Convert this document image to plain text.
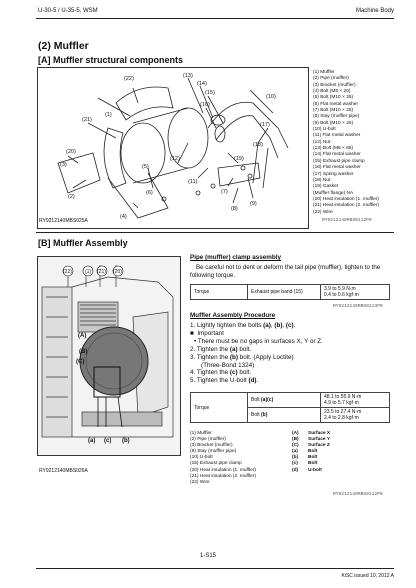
U-30-5 / U-35-5, WSM	Machine Body
(2) Muffler
[A] Muffler structural components
(22)
(1)
(21)
(20)
(3)
(2)
(13)
(14)
(15)
(16)
(12)
(11)
(5)
(6)	(7)
(8)
(9)
(10)
(17)
(18)
(19)
(4)
RY9212140MBS025A
(1) Muffler
(2) Pipe (muffler)
(3) Bracket (muffler)
(4) Bolt (M8 × 20)
(5) Bolt (M10 × 25)
(6) Flat metal washer
(7) Bolt (M10 × 25)
(8) Stay (muffler pipe)
(9) Bolt (M10 × 25)
(10) U-bolt
(11) Flat metal washer
(12) Nut
(13) Bolt (M8 × 65)
(14) Flat metal washer
(15) Exhaust pipe clamp
(16) Flat metal washer
(17) Spring washer
(18) Nut
(19) Gasket
(Muffler flange) NA
(20) Heat insulation (1. muffler)
(21) Heat insulation (2. muffler)
(22) Wire
RY9212140MBS0112P0
[B] Muffler Assembly
(22)	(1) (21)
(A)
(B)
(C)
(20)
(a) (c) (b)
RY9212140MBS026A
Pipe (muffler) clamp assembly
Be careful not to dent or deform the tail pipe (muffler), tighten to the following torque.
Torque	Exhaust pipe band (15)	3.9 to 5.9 N·m
0.4 to 0.6 kgf·m
RY9212140MBS0113P0
Muffler Assembly Procedure
1. Lightly tighten the bolts (a), (b), (c).
■ Important
• There must be no gaps in surfaces X, Y or Z.
2. Tighten the (a) bolt.
3. Tighten the (b) bolt. (Apply Loctite)
(Three-Bond 1324)
4. Tighten the (c) bolt.
5. Tighten the U-bolt (d).
Torque	Bolt (a)(c)	48.1 to 55.9 N·m
4.9 to 5.7 kgf·m

	Bolt (b)	23.5 to 27.4 N·m
2.4 to 2.8 kgf·m
(1) Muffler	(A)	Surface X
(2) Pipe (muffler)	(B)	Surface Y
(3) Bracket (muffler)	(C)	Surface Z
(8) Stay (muffler pipe)	(a)	Bolt
(10) U-bolt	(b)	Bolt
(15) Exhaust pipe clamp	(c)	Bolt
(20) Heat insulation (1. muffler)	(d)	U-bolt
(21) Heat insulation (2. muffler)		
(22) Wire		
RY9212140MBS0112P0
1-S15
KiSC issued 10, 2012 A
